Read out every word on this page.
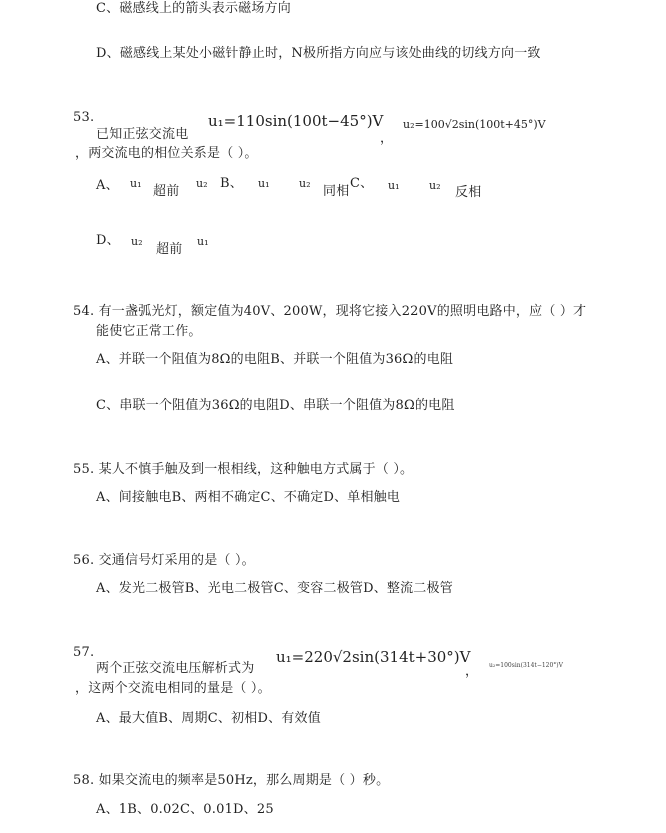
C、磁感线上的箭头表示磁场方向
D、磁感线上某处小磁针静止时，N极所指方向应与该处曲线的切线方向一致
53.
已知正弦交流电
u₁=110sin(100t−45°)V
，
u₂=100√2sin(100t+45°)V
，两交流电的相位关系是（ ）。
A、 u₁
超前
u₂ B、 u₁	u₂
同相
C、 u₁	u₂ 反相
D、 u₂
超前
u₁
54. 有一盏弧光灯，额定值为40V、200W，现将它接入220V的照明电路中，应（ ）才
能使它正常工作。
A、并联一个阻值为8Ω的电阻B、并联一个阻值为36Ω的电阻
C、串联一个阻值为36Ω的电阻D、串联一个阻值为8Ω的电阻
55. 某人不慎手触及到一根相线，这种触电方式属于（ ）。
A、间接触电B、两相不确定C、不确定D、单相触电
56. 交通信号灯采用的是（ ）。
A、发光二极管B、光电二极管C、变容二极管D、整流二极管
57.
两个正弦交流电压解析式为
u₁=220√2sin(314t+30°)V
， u₂=100sin(314t−120°)V
，这两个交流电相同的量是（ ）。
A、最大值B、周期C、初相D、有效值
58. 如果交流电的频率是50Hz，那么周期是（ ）秒。
A、1B、0.02C、0.01D、25
